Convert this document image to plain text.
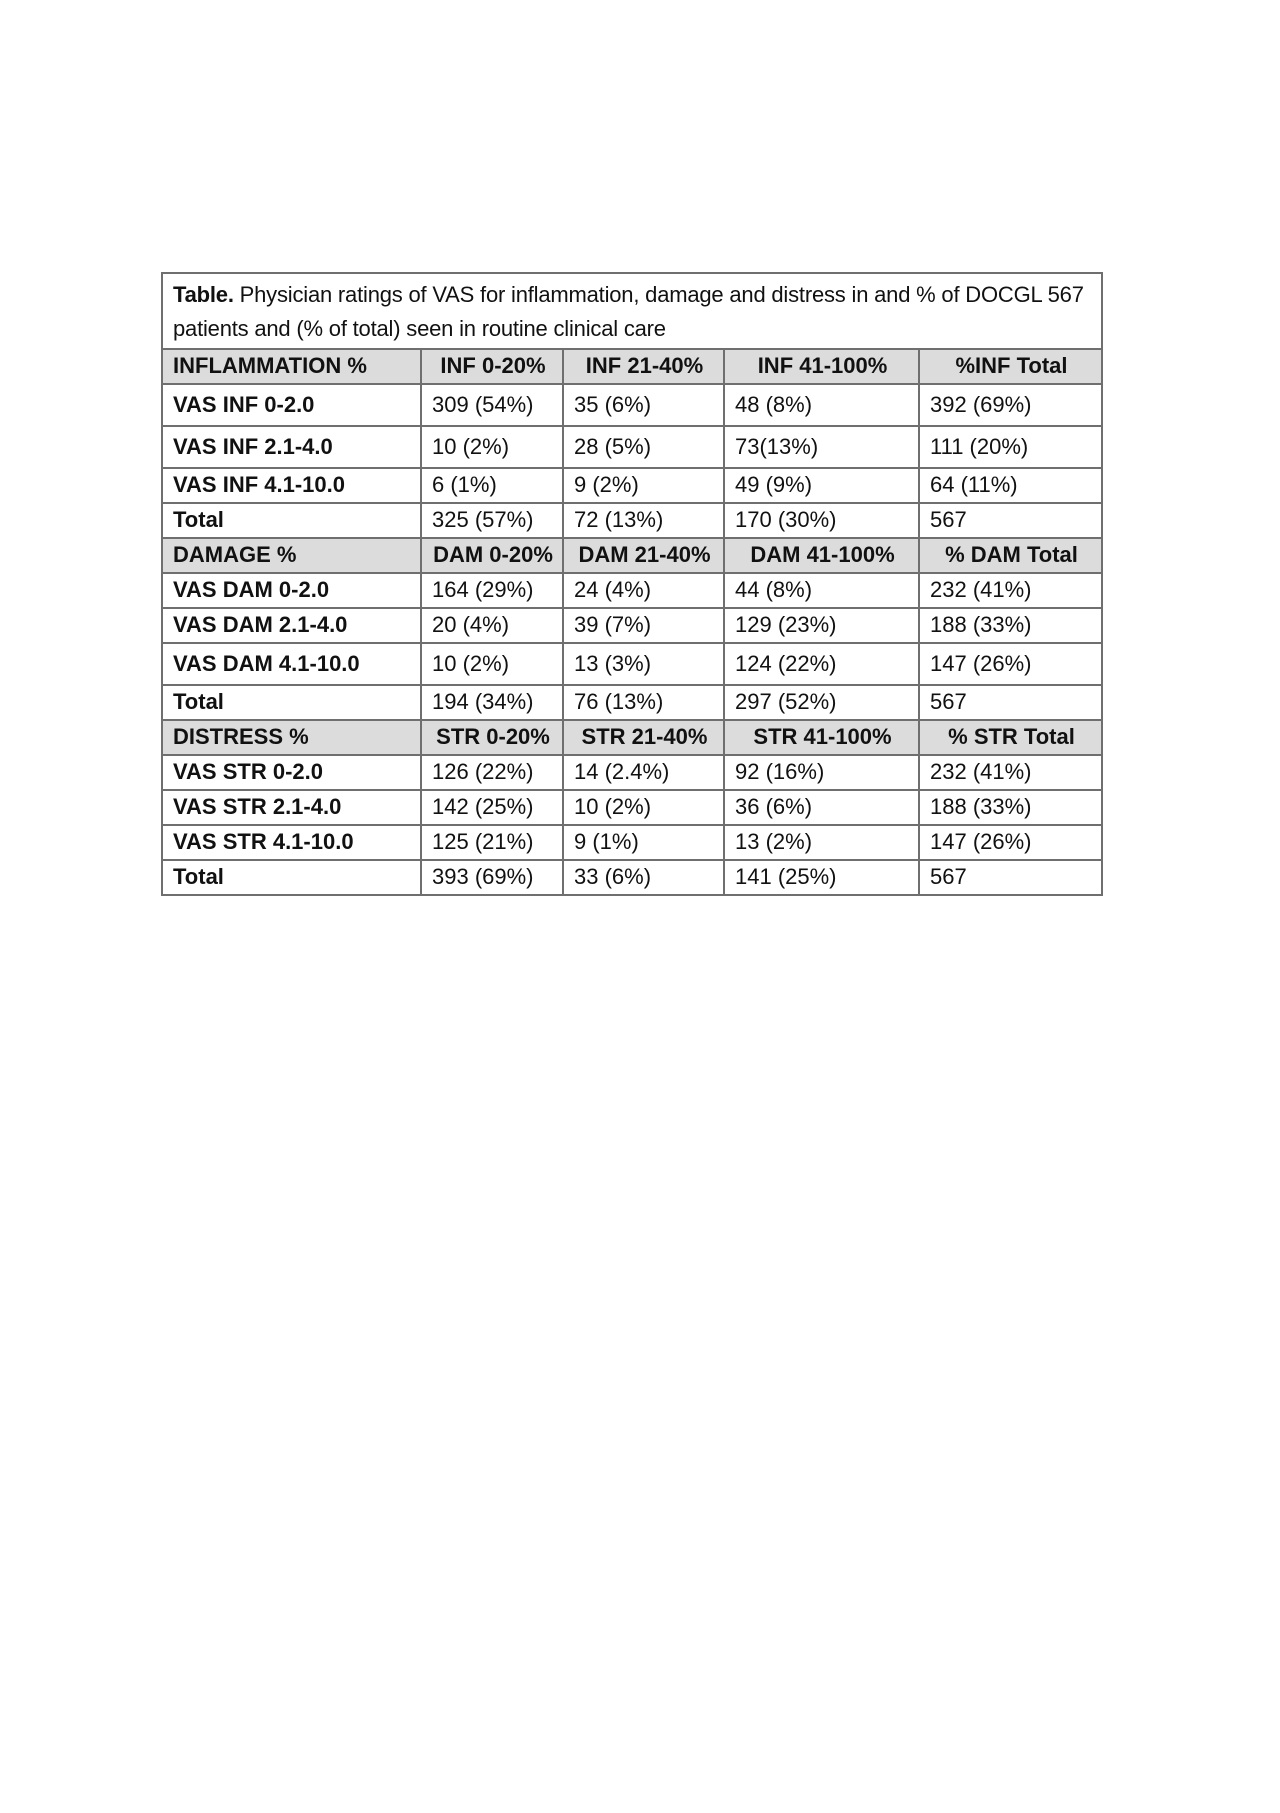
Table. Physician ratings of VAS for inflammation, damage and distress in and % of DOCGL 567 patients and (% of total) seen in routine clinical care				
INFLAMMATION %	INF 0-20%	INF 21-40%	INF 41-100%	%INF Total
VAS INF 0-2.0	309 (54%)	35 (6%)	48 (8%)	392 (69%)
VAS INF 2.1-4.0	10 (2%)	28 (5%)	73(13%)	111 (20%)
VAS INF 4.1-10.0	6 (1%)	9 (2%)	49 (9%)	64 (11%)
Total	325 (57%)	72 (13%)	170 (30%)	567
DAMAGE %	DAM 0-20%	DAM 21-40%	DAM 41-100%	% DAM Total
VAS DAM 0-2.0	164 (29%)	24 (4%)	44 (8%)	232 (41%)
VAS DAM 2.1-4.0	20 (4%)	39 (7%)	129 (23%)	188 (33%)
VAS DAM 4.1-10.0	10 (2%)	13 (3%)	124 (22%)	147 (26%)
Total	194 (34%)	76 (13%)	297 (52%)	567
DISTRESS %	STR 0-20%	STR 21-40%	STR 41-100%	% STR Total
VAS STR 0-2.0	126 (22%)	14 (2.4%)	92 (16%)	232 (41%)
VAS STR 2.1-4.0	142 (25%)	10 (2%)	36 (6%)	188 (33%)
VAS STR 4.1-10.0	125 (21%)	9 (1%)	13 (2%)	147 (26%)
Total	393 (69%)	33 (6%)	141 (25%)	567
